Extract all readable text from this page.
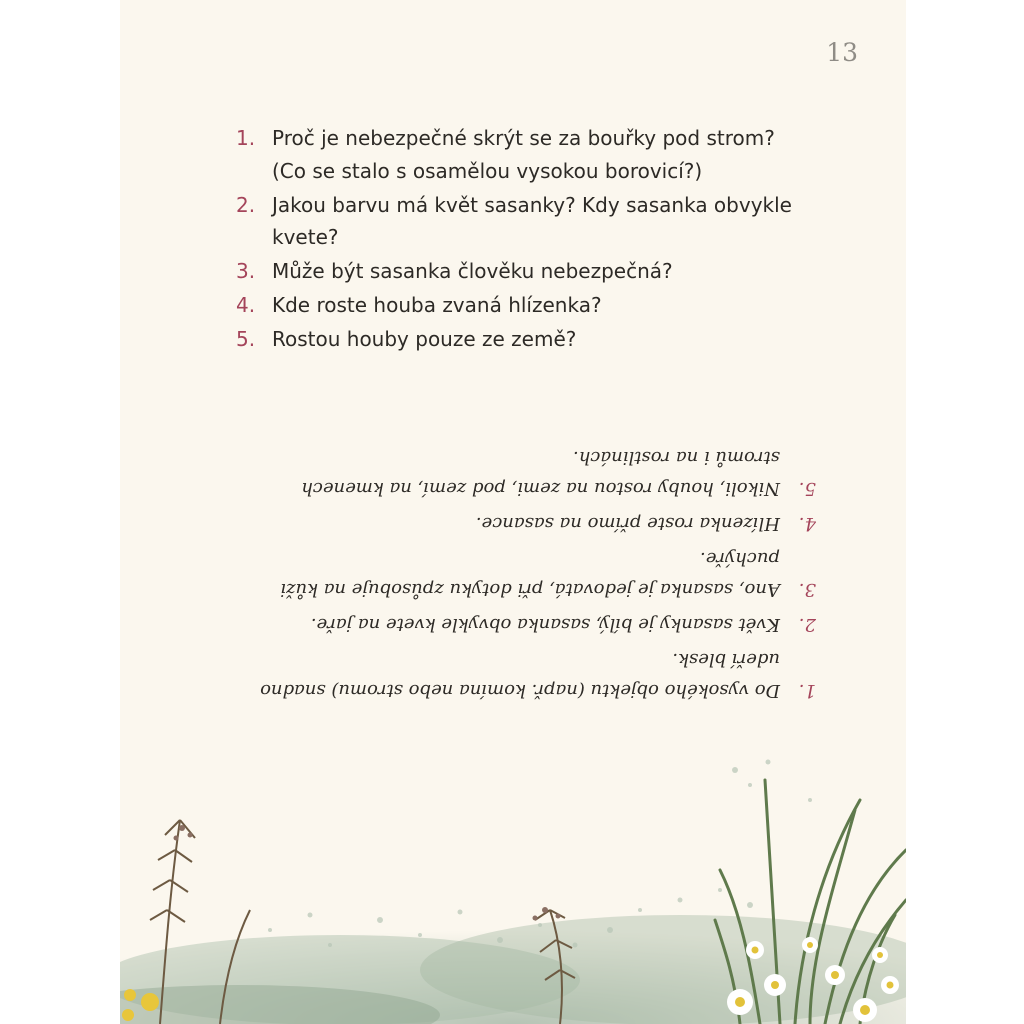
13
1. Proč je nebezpečné skrýt se za bouřky pod strom? (Co se stalo s osamělou vysokou borovicí?)
2. Jakou barvu má květ sasanky? Kdy sasanka obvykle kvete?
3. Může být sasanka člověku nebezpečná?
4. Kde roste houba zvaná hlízenka?
5. Rostou houby pouze ze země?
1.
Do vysokého objektu (např. komína nebo stromu) snadno udeří blesk.
2.
Květ sasanky je bílý, sasanka obvykle kvete na jaře.
3.
Ano, sasanka je jedovatá, při dotyku způsobuje na kůži puchýře.
4.
Hlízenka roste přímo na sasance.
5.
Nikoli, houby rostou na zemi, pod zemí, na kmenech stromů i na rostlinách.
